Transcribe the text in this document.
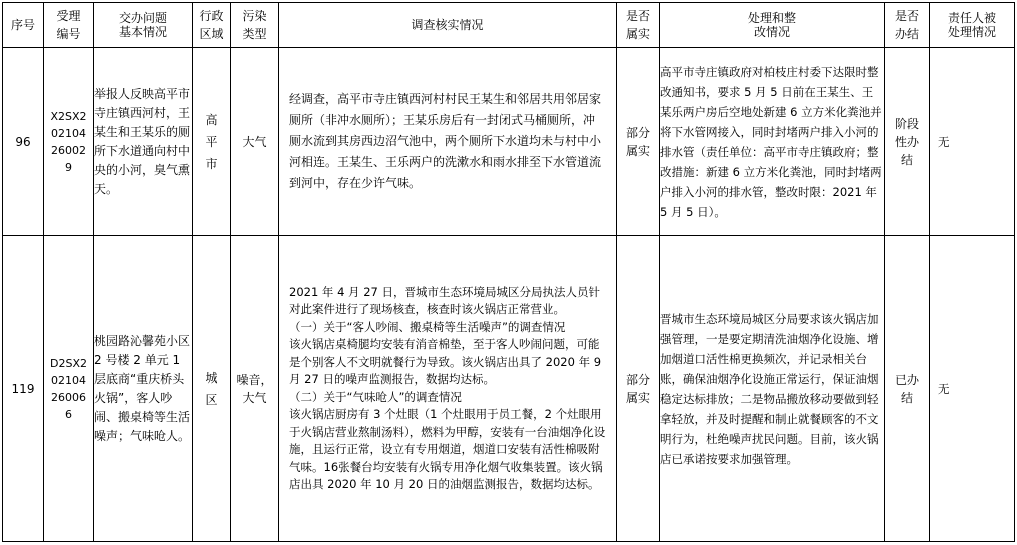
序号	受理编号	交办问题基本情况	行政区域	污染类型	调查核实情况	是否属实	处理和整改情况	是否办结	责任人被处理情况
96	X2SX202104260029	举报人反映高平市寺庄镇西河村，王某生和王某乐的厕所下水道通向村中央的小河，臭气熏天。	高平市	大气	经调查，高平市寺庄镇西河村村民王某生和邻居共用邻居家厕所（非冲水厕所）；王某乐房后有一封闭式马桶厕所，冲厕水流到其房西边沼气池中，两个厕所下水道均未与村中小河相连。王某生、王乐两户的洗漱水和雨水排至下水管道流到河中，存在少许气味。	部分属实	高平市寺庄镇政府对柏枝庄村委下达限时整改通知书，要求 5 月 5 日前在王某生、王某乐两户房后空地处新建 6 立方米化粪池并将下水管网接入，同时封堵两户排入小河的排水管（责任单位：高平市寺庄镇政府；整改措施：新建 6 立方米化粪池，同时封堵两户排入小河的排水管，整改时限：2021 年 5 月 5 日）。	阶段性办结	无
119	D2SX202104260066	桃园路沁馨苑小区 2 号楼 2 单元 1 层底商“重庆桥头火锅”，客人吵闹、搬桌椅等生活噪声；气味呛人。	城区	噪音，大气	2021 年 4 月 27 日，晋城市生态环境局城区分局执法人员针对此案件进行了现场核查，核查时该火锅店正常营业。
（一）关于“客人吵闹、搬桌椅等生活噪声”的调查情况
该火锅店桌椅腿均安装有消音棉垫，至于客人吵闹问题，可能是个别客人不文明就餐行为导致。该火锅店出具了 2020 年 9 月 27 日的噪声监测报告，数据均达标。
（二）关于“气味呛人”的调查情况
该火锅店厨房有 3 个灶眼（1 个灶眼用于员工餐，2 个灶眼用于火锅店营业熬制汤料），燃料为甲醇，安装有一台油烟净化设施，且运行正常，设立有专用烟道，烟道口安装有活性棉吸附气味。16张餐台均安装有火锅专用净化烟气收集装置。该火锅店出具 2020 年 10 月 20 日的油烟监测报告，数据均达标。	部分属实	晋城市生态环境局城区分局要求该火锅店加强管理，一是要定期清洗油烟净化设施、增加烟道口活性棉更换频次，并记录相关台账，确保油烟净化设施正常运行，保证油烟稳定达标排放；二是物品搬放移动要做到轻拿轻放，并及时提醒和制止就餐顾客的不文明行为，杜绝噪声扰民问题。目前，该火锅店已承诺按要求加强管理。	已办结	无
